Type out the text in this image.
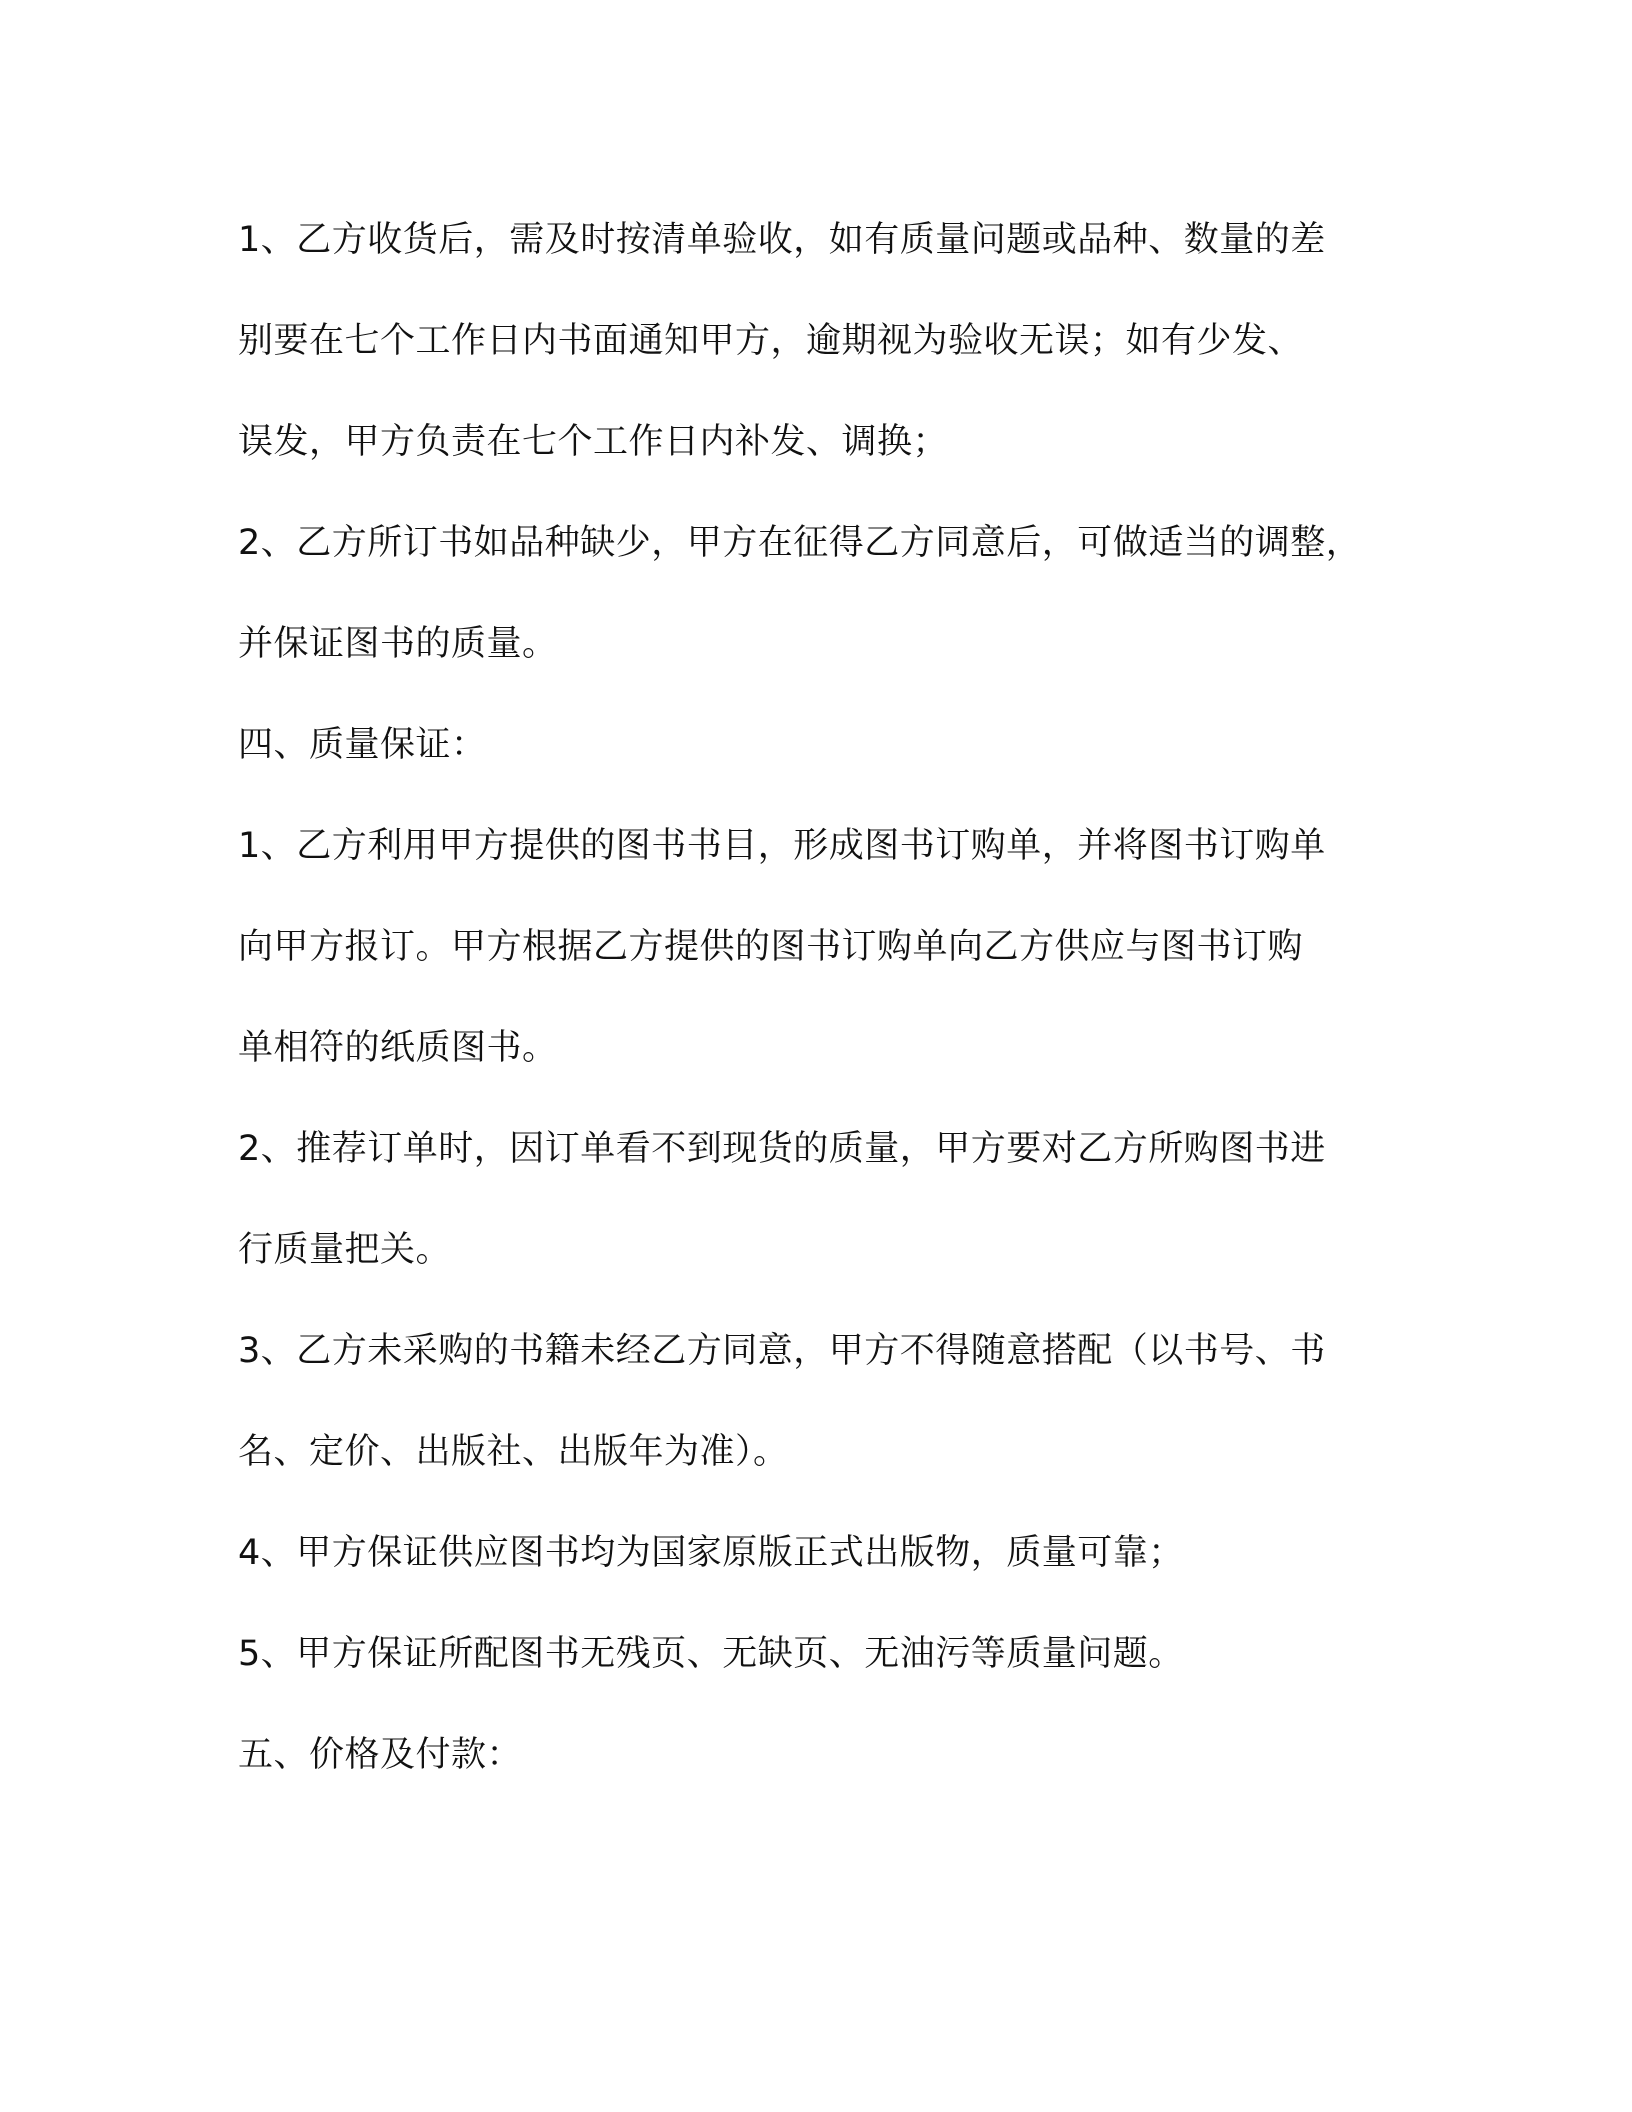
1、乙方收货后，需及时按清单验收，如有质量问题或品种、数量的差
别要在七个工作日内书面通知甲方，逾期视为验收无误；如有少发、
误发，甲方负责在七个工作日内补发、调换；
2、乙方所订书如品种缺少，甲方在征得乙方同意后，可做适当的调整，
并保证图书的质量。
四、质量保证：
1、乙方利用甲方提供的图书书目，形成图书订购单，并将图书订购单
向甲方报订。甲方根据乙方提供的图书订购单向乙方供应与图书订购
单相符的纸质图书。
2、推荐订单时，因订单看不到现货的质量，甲方要对乙方所购图书进
行质量把关。
3、乙方未采购的书籍未经乙方同意，甲方不得随意搭配（以书号、书
名、定价、出版社、出版年为准）。
4、甲方保证供应图书均为国家原版正式出版物，质量可靠；
5、甲方保证所配图书无残页、无缺页、无油污等质量问题。
五、价格及付款：
